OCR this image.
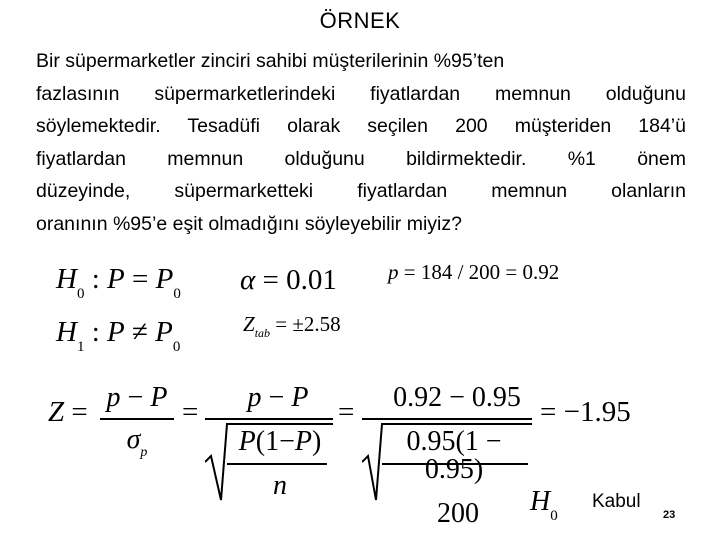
ÖRNEK
Bir süpermarketler zinciri sahibi müşterilerinin %95’ten
fazlasının süpermarketlerindeki fiyatlardan memnun olduğunu
söylemektedir. Tesadüfi olarak seçilen 200 müşteriden 184’ü
fiyatlardan memnun olduğunu bildirmektedir. %1 önem
düzeyinde, süpermarketteki fiyatlardan memnun olanların
oranının %95’e eşit olmadığını söyleyebilir miyiz?
$H_0$ : $P = P_0$
$H_1$ : $P \ne P_0$
α = 0.01
$Z_{tab} = \pm 2.58$
p = 184 / 200 = 0.92
Z = p − P
$\sigma_p$
=	p − P
P(1−P)
n
=	0.92 − 0.95
0.95(1 − 0.95)
200
= −1.95
$H_0$
Kabul
23
